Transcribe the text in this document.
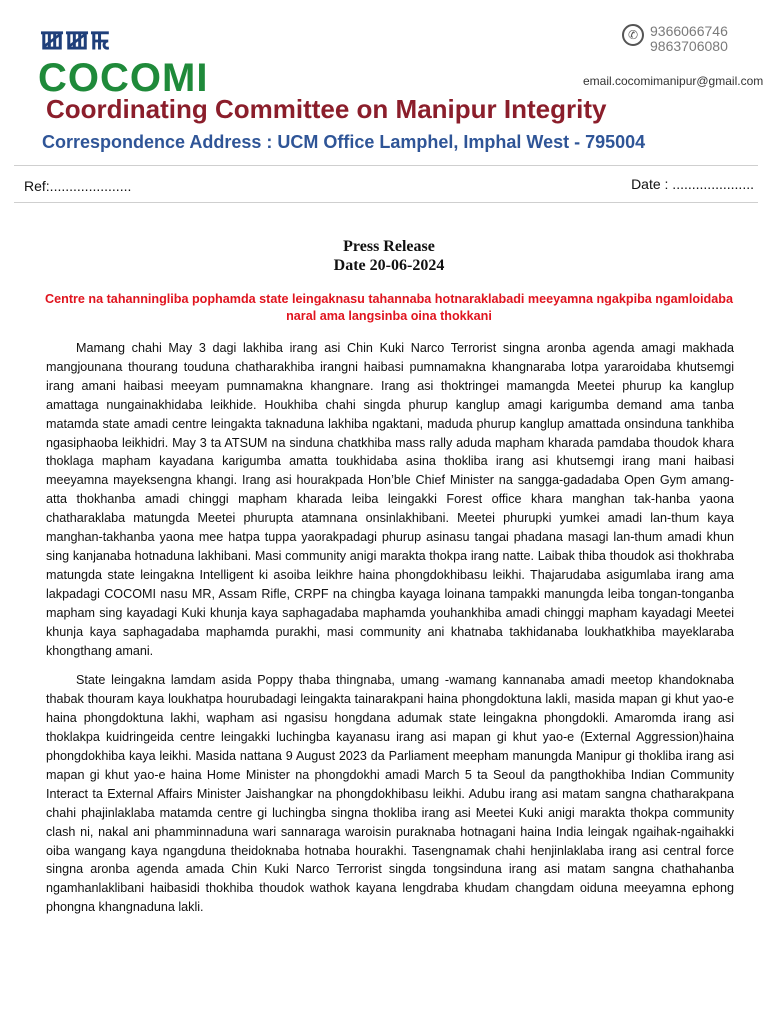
ꯀꯀꯃ
COCOMI
Coordinating Committee on Manipur Integrity
Correspondence Address : UCM Office Lamphel, Imphal West - 795004
✆ 9366066746
9863706080
email.cocomimanipur@gmail.com
Ref:.....................	Date : .....................
Press Release
Date 20-06-2024
Centre na tahanningliba pophamda state leingaknasu tahannaba hotnaraklabadi meeyamna ngakpiba ngamloidaba naral ama langsinba oina thokkani

Mamang chahi May 3 dagi lakhiba irang asi Chin Kuki Narco Terrorist singna aronba agenda amagi makhada mangjounana thourang touduna chatharakhiba irangni haibasi pumnamakna khangnaraba lotpa yararoidaba khutsemgi irang amani haibasi meeyam pumnamakna khangnare. Irang asi thoktringei mamangda Meetei phurup ka kanglup amattaga nungainakhidaba leikhide. Houkhiba chahi singda phurup kanglup amagi karigumba demand ama tanba matamda state amadi centre leingakta taknaduna lakhiba ngaktani, maduda phurup kanglup amattada onsinduna tankhiba ngasiphaoba leikhidri. May 3 ta ATSUM na sinduna chatkhiba mass rally aduda mapham kharada pamdaba thoudok khara thoklaga mapham kayadana karigumba amatta toukhidaba asina thokliba irang asi khutsemgi irang mani haibasi meeyamna mayeksengna khangi. Irang asi hourakpada Hon’ble Chief Minister na sangga-gadadaba Open Gym amang-atta thokhanba amadi chinggi mapham kharada leiba leingakki Forest office khara manghan tak-hanba yaona chatharaklaba matungda Meetei phuruptа atamnana onsinlakhibani. Meetei phurupki yumkei amadi lan-thum kaya manghan-takhanba yaona mee hatpa tuppa yaorakpadagi phurup asinasu tangai phadana masagi lan-thum amadi khun sing kanjanaba hotnaduna lakhibani. Masi community anigi marakta thokpa irang natte. Laibak thiba thoudok asi thokhraba matungda state leingakna Intelligent ki asoiba leikhre haina phongdokhibasu leikhi. Thajarudaba asigumlaba irang ama lakpadagi COCOMI nasu MR, Assam Rifle, CRPF na chingba kayaga loinana tampakki manungda leiba tongan-tonganba mapham sing kayadagi Kuki khunja kaya saphagadaba maphamda youhankhiba amadi chinggi mapham kayadagi Meetei khunja kaya saphagadaba maphamda purakhi, masi community ani khatnaba takhidanaba loukhatkhiba mayeklaraba khongthang amani.

State leingakna lamdam asida Poppy thaba thingnaba, umang -wamang kannanaba amadi meetop khandoknaba thabak thouram kaya loukhatpa hourubadagi leingakta tainarakpani haina phongdoktuna lakli, masida mapan gi khut yao-e haina phongdoktuna lakhi, wapham asi ngasisu hongdana adumak state leingakna phongdokli. Amaromda irang asi thoklakpa kuidringeida centre leingakki luchingba kayanasu irang asi mapan gi khut yao-e (External Aggression)haina phongdokhiba kaya leikhi. Masida nattana 9 August 2023 da Parliament meepham manungda Manipur gi thokliba irang asi mapan gi khut yao-e haina Home Minister na phongdokhi amadi March 5 ta Seoul da pangthokhiba Indian Community Interact ta External Affairs Minister Jaishangkar na phongdokhibasu leikhi. Adubu irang asi matam sangna chatharakpana chahi phajinlaklaba matamda centre gi luchingba singna thokliba irang asi Meetei Kuki anigi marakta thokpa community clash ni, nakal ani phamminnaduna wari sannaraga waroisin puraknaba hotnagani haina India leingak ngaihak-ngaihakki oiba wangang kaya ngangduna theidoknaba hotnaba hourakhi. Tasengnamak chahi henjinlaklaba irang asi central force singna aronba agenda amada Chin Kuki Narco Terrorist singda tongsinduna irang asi matam sangna chathahanba ngamhanlaklibani haibasidi thokhiba thoudok wathok kayana lengdraba khudam changdam oiduna meeyamna ephong phongna khangnaduna lakli.
